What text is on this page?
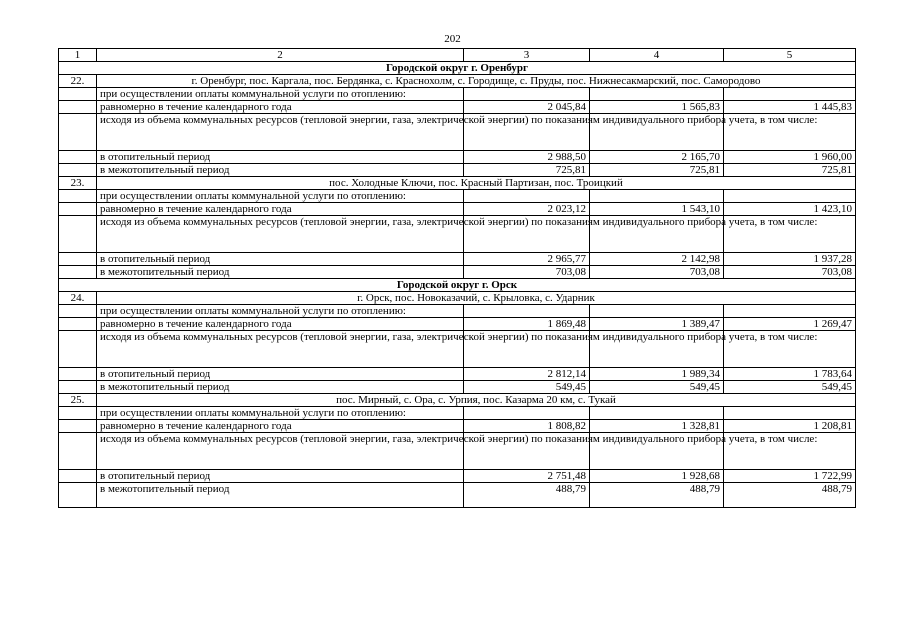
202
1	2	3	4	5
Городской округ г. Оренбург				
22.	г. Оренбург, пос. Каргала, пос. Бердянка, с. Краснохолм, с. Городище, с. Пруды, пос. Нижнесакмарский, пос. Самородово			
	при осуществлении оплаты коммунальной услуги по отоплению:			
	равномерно в течение календарного года	2 045,84	1 565,83	1 445,83
	исходя из объема коммунальных ресурсов (тепловой энергии, газа, электрической энергии) по показаниям индивидуального прибора учета, в том числе:			
	в отопительный период	2 988,50	2 165,70	1 960,00
	в межотопительный период	725,81	725,81	725,81
23.	пос. Холодные Ключи, пос. Красный Партизан, пос. Троицкий			
	при осуществлении оплаты коммунальной услуги по отоплению:			
	равномерно в течение календарного года	2 023,12	1 543,10	1 423,10
	исходя из объема коммунальных ресурсов (тепловой энергии, газа, электрической энергии) по показаниям индивидуального прибора учета, в том числе:			
	в отопительный период	2 965,77	2 142,98	1 937,28
	в межотопительный период	703,08	703,08	703,08
Городской округ г. Орск				
24.	г. Орск, пос. Новоказачий, с. Крыловка, с. Ударник			
	при осуществлении оплаты коммунальной услуги по отоплению:			
	равномерно в течение календарного года	1 869,48	1 389,47	1 269,47
	исходя из объема коммунальных ресурсов (тепловой энергии, газа, электрической энергии) по показаниям индивидуального прибора учета, в том числе:			
	в отопительный период	2 812,14	1 989,34	1 783,64
	в межотопительный период	549,45	549,45	549,45
25.	пос. Мирный, с. Ора, с. Урпия, пос. Казарма 20 км, с. Тукай			
	при осуществлении оплаты коммунальной услуги по отоплению:			
	равномерно в течение календарного года	1 808,82	1 328,81	1 208,81
	исходя из объема коммунальных ресурсов (тепловой энергии, газа, электрической энергии) по показаниям индивидуального прибора учета, в том числе:			
	в отопительный период	2 751,48	1 928,68	1 722,99
	в межотопительный период	488,79	488,79	488,79
